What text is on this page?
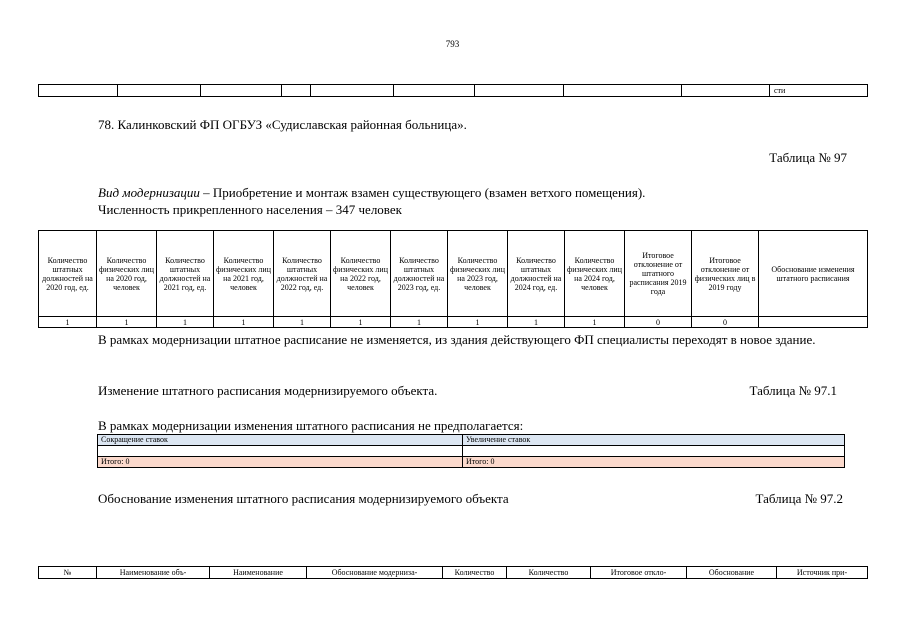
793
									сти
78. Калинковский ФП ОГБУЗ «Судиславская районная больница».
Таблица № 97
Вид модернизации – Приобретение и монтаж взамен существующего (взамен ветхого помещения).
Численность прикрепленного населения – 347 человек
Количество штатных должностей на 2020 год, ед.	Количество физических лиц на 2020 год, человек	Количество штатных должностей на 2021 год, ед.	Количество физических лиц на 2021 год, человек	Количество штатных должностей на 2022 год, ед.	Количество физических лиц на 2022 год, человек	Количество штатных должностей на 2023 год, ед.	Количество физических лиц на 2023 год, человек	Количество штатных должностей на 2024 год, ед.	Количество физических лиц на 2024 год, человек	Итоговое отклонение от штатного расписания 2019 года	Итоговое отклонение от физических лиц в 2019 году	Обоснование изменения штатного расписания
1	1	1	1	1	1	1	1	1	1	0	0	
В рамках модернизации штатное расписание не изменяется, из здания действующего ФП специалисты переходят в новое здание.
Изменение штатного расписания модернизируемого объекта.	Таблица № 97.1
В рамках модернизации изменения штатного расписания не предполагается:
Сокращение ставок	Увеличение ставок

Итого: 0	Итого: 0
Обоснование изменения штатного расписания модернизируемого объекта	Таблица № 97.2
№	Наименование объ-	Наименование	Обоснование модерниза-	Количество	Количество	Итоговое откло-	Обоснование	Источник при-
